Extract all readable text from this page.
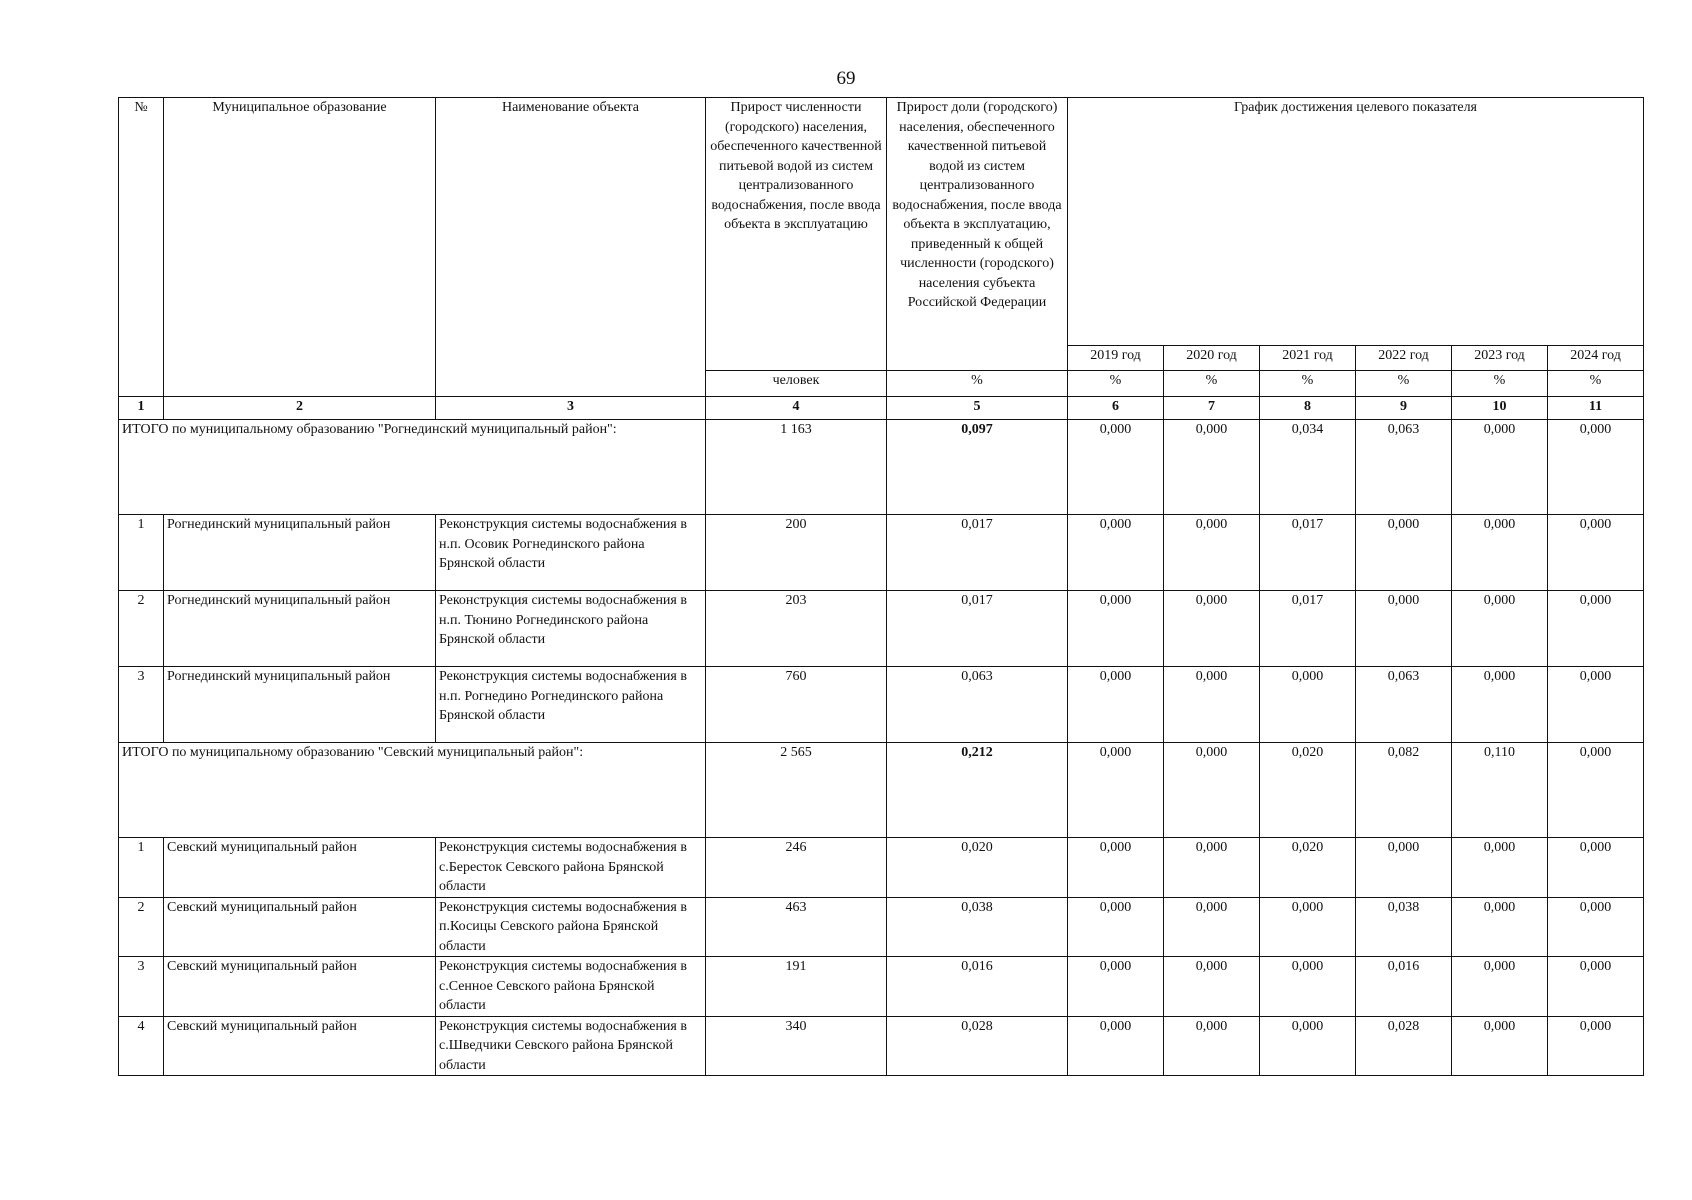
69
№	Муниципальное образование	Наименование объекта	Прирост численности (городского) населения, обеспеченного качественной питьевой водой из систем централизованного водоснабжения, после ввода объекта в эксплуатацию	Прирост доли (городского) населения, обеспеченного качественной питьевой водой из систем централизованного водоснабжения, после ввода объекта в эксплуатацию, приведенный к общей численности (городского) населения субъекта Российской Федерации	График достижения целевого показателя					
					2019 год	2020 год	2021 год	2022 год	2023 год	2024 год
			человек	%	%	%	%	%	%	%
1	2	3	4	5	6	7	8	9	10	11
ИТОГО по муниципальному образованию "Рогнединский муниципальный район":			1 163	0,097	0,000	0,000	0,034	0,063	0,000	0,000
1	Рогнединский муниципальный район	Реконструкция системы водоснабжения в н.п. Осовик Рогнединского района Брянской области	200	0,017	0,000	0,000	0,017	0,000	0,000	0,000
2	Рогнединский муниципальный район	Реконструкция системы водоснабжения в н.п. Тюнино Рогнединского района Брянской области	203	0,017	0,000	0,000	0,017	0,000	0,000	0,000
3	Рогнединский муниципальный район	Реконструкция системы водоснабжения в н.п. Рогнедино Рогнединского района Брянской области	760	0,063	0,000	0,000	0,000	0,063	0,000	0,000
ИТОГО по муниципальному образованию "Севский муниципальный район":			2 565	0,212	0,000	0,000	0,020	0,082	0,110	0,000
1	Севский муниципальный район	Реконструкция системы водоснабжения в с.Береcток Севского района Брянской области	246	0,020	0,000	0,000	0,020	0,000	0,000	0,000
2	Севский муниципальный район	Реконструкция системы водоснабжения в п.Косицы Севского района Брянской области	463	0,038	0,000	0,000	0,000	0,038	0,000	0,000
3	Севский муниципальный район	Реконструкция системы водоснабжения в с.Сенное Севского района Брянской области	191	0,016	0,000	0,000	0,000	0,016	0,000	0,000
4	Севский муниципальный район	Реконструкция системы водоснабжения в с.Шведчики Севского района Брянской области	340	0,028	0,000	0,000	0,000	0,028	0,000	0,000
